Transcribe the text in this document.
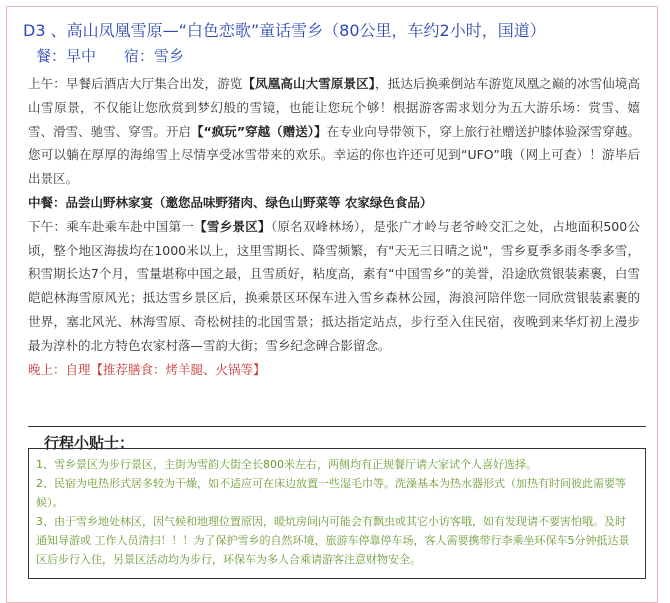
D3 、高山凤凰雪原—“白色恋歌”童话雪乡（80公里，车约2小时，国道）
餐：早中 宿：雪乡

上午：早餐后酒店大厅集合出发，游览【凤凰高山大雪原景区】，抵达后换乘倒站车游览凤凰之巅的冰雪仙境高山雪原景，不仅能让您欣赏到梦幻般的雪镜，也能让您玩个够！根据游客需求划分为五大游乐场：赏雪、嬉雪、滑雪、驰雪、穿雪。开启【“疯玩”穿越（赠送）】在专业向导带领下，穿上旅行社赠送护膝体验深雪穿越。您可以躺在厚厚的海绵雪上尽情享受冰雪带来的欢乐。幸运的你也许还可见到“UFO”哦（网上可查）！游毕后出景区。

中餐：品尝山野林家宴（邀您品味野猪肉、绿色山野菜等 农家绿色食品）

下午：乘车赴乘车赴中国第一【雪乡景区】（原名双峰林场），是张广才岭与老爷岭交汇之处，占地面积500公顷，整个地区海拔均在1000米以上，这里雪期长、降雪频繁，有"天无三日晴之说"，雪乡夏季多雨冬季多雪，积雪期长达7个月，雪量堪称中国之最，且雪质好，粘度高，素有“中国雪乡”的美誉，沿途欣赏银装素裹，白雪皑皑林海雪原风光；抵达雪乡景区后，换乘景区环保车进入雪乡森林公园，海浪河陪伴您一同欣赏银装素裹的世界，塞北风光、林海雪原、奇松树挂的北国雪景；抵达指定站点，步行至入住民宿，夜晚到来华灯初上漫步最为淳朴的北方特色农家村落—雪韵大街；雪乡纪念碑合影留念。

晚上：自理【推荐膳食：烤羊腿、火锅等】

行程小贴士：

1、雪乡景区为步行景区，主街为雪韵大街全长800米左右，两侧均有正规餐厅请大家试个人喜好选择。

2、民宿为电热形式居多较为干燥，如不适应可在床边放置一些湿毛巾等。洗澡基本为热水器形式（加热有时间彼此需要等候）。

3、由于雪乡地处林区，因气候和地理位置原因，暖炕房间内可能会有飘虫或其它小访客哦，如有发现请不要害怕哦。及时通知导游或 工作人员清扫！！！为了保护雪乡的自然环境，旅游车停靠停车场，客人需要携带行李乘坐环保车5分钟抵达景区后步行入住，另景区活动均为步行，环保车为多人合乘请游客注意财物安全。
